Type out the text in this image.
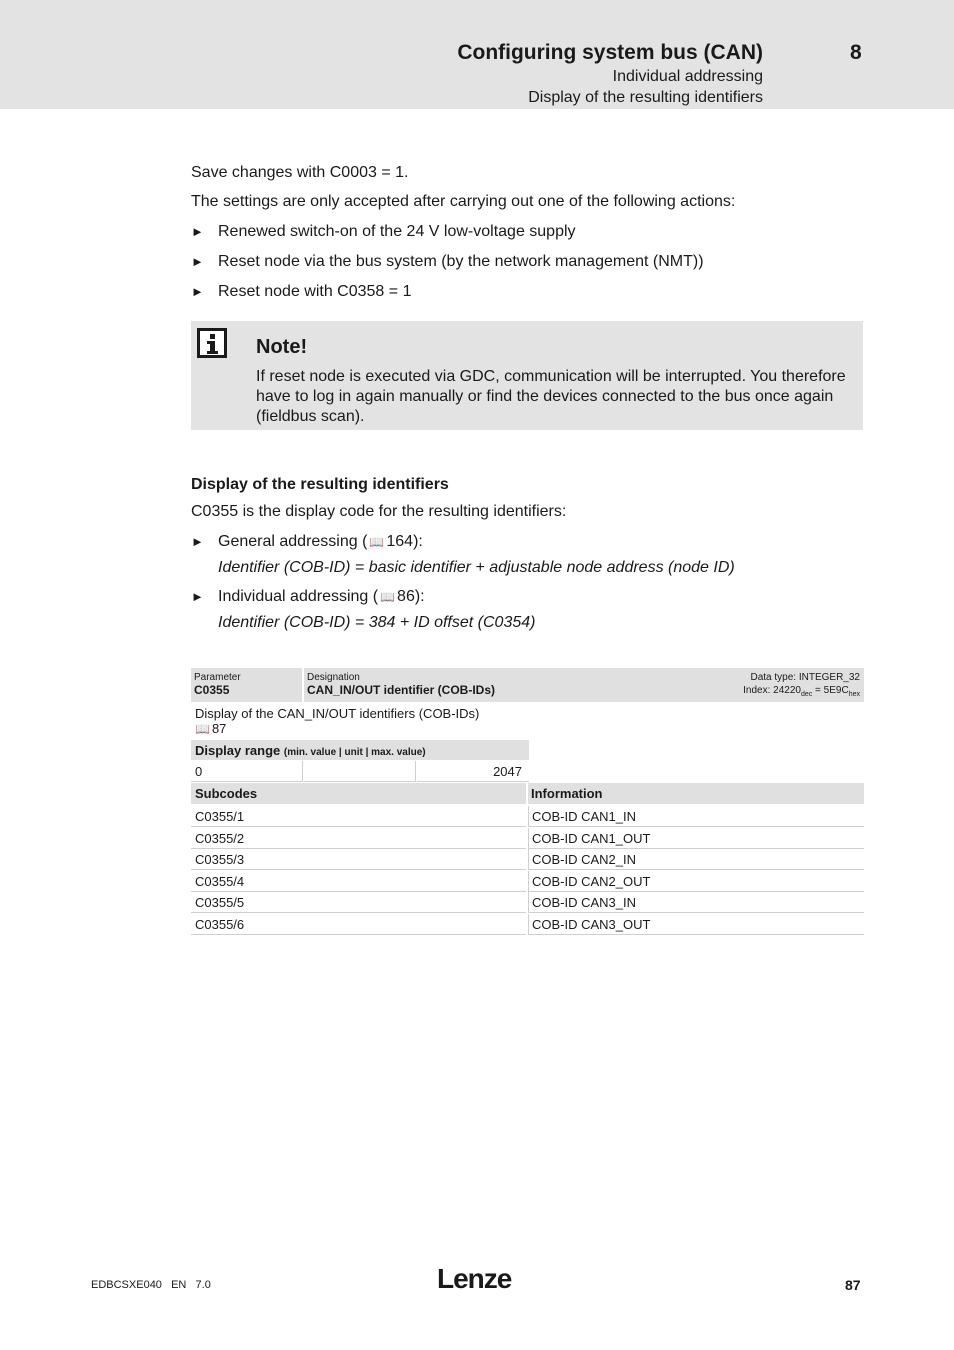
Configuring system bus (CAN)	8
Individual addressing
Display of the resulting identifiers
Save changes with C0003 = 1.
The settings are only accepted after carrying out one of the following actions:
► Renewed switch-on of the 24 V low-voltage supply
► Reset node via the bus system (by the network management (NMT))
► Reset node with C0358 = 1
Note!
If reset node is executed via GDC, communication will be interrupted. You therefore have to log in again manually or find the devices connected to the bus once again (fieldbus scan).
Display of the resulting identifiers
C0355 is the display code for the resulting identifiers:
► General addressing ( 📖 164):
Identifier (COB-ID) = basic identifier + adjustable node address (node ID)
► Individual addressing ( 📖 86):
Identifier (COB-ID) = 384 + ID offset (C0354)
Parameter
C0355
Designation
CAN_IN/OUT identifier (COB-IDs)
Data type: INTEGER_32
Index: $24220_{dec} = 5E9C_{hex}$
Display of the CAN_IN/OUT identifiers (COB-IDs)
📖 87
Display range (min. value | unit | max. value)
0	2047
Subcodes	Information
C0355/1	COB-ID CAN1_IN
C0355/2	COB-ID CAN1_OUT
C0355/3	COB-ID CAN2_IN
C0355/4	COB-ID CAN2_OUT
C0355/5	COB-ID CAN3_IN
C0355/6	COB-ID CAN3_OUT
EDBCSXE040   EN   7.0	Lenze	87
